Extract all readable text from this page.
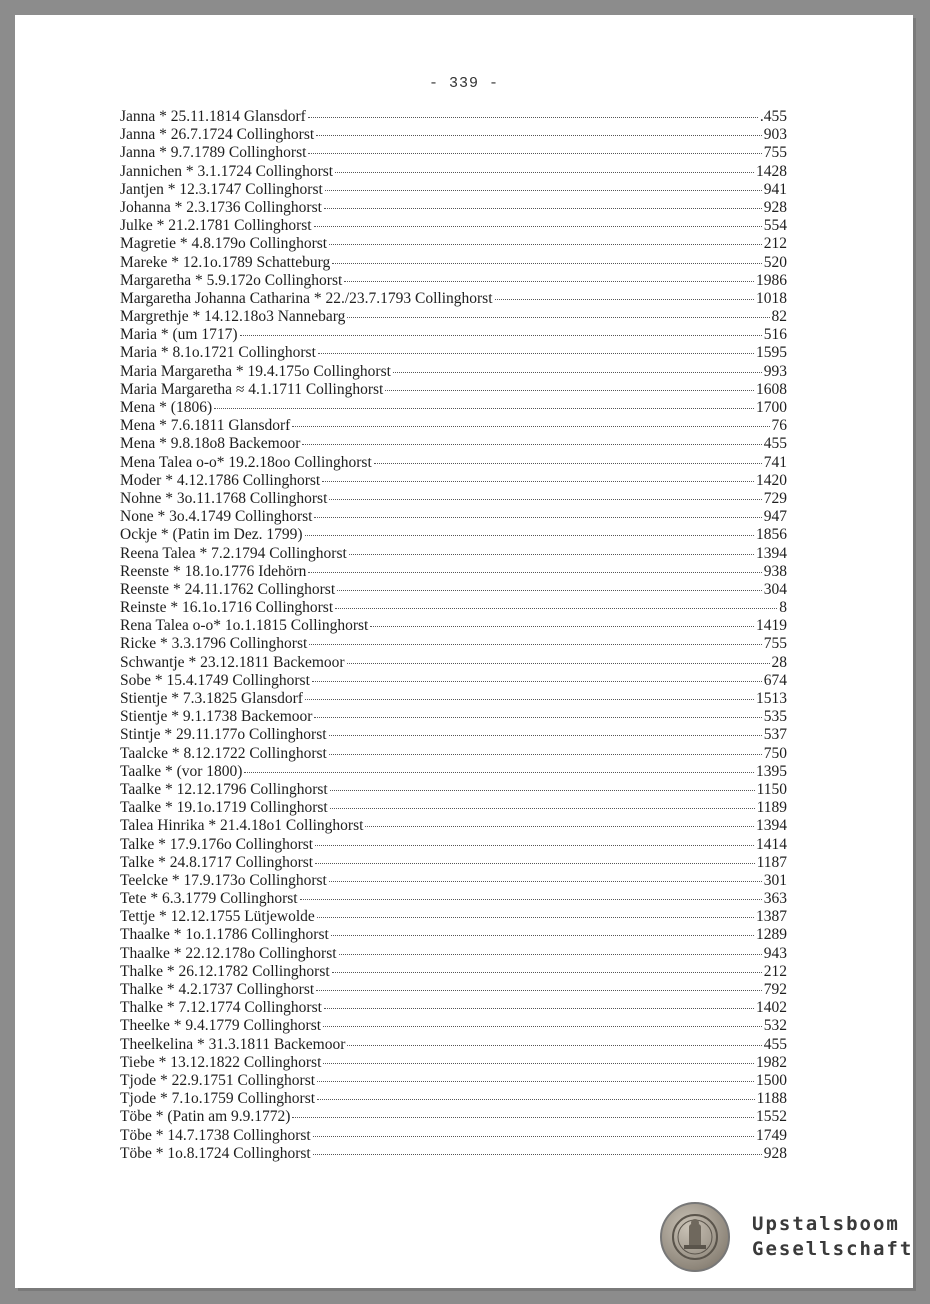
- 339 -
Janna * 25.11.1814 Glansdorf	.455
Janna * 26.7.1724 Collinghorst	903
Janna * 9.7.1789 Collinghorst	755
Jannichen * 3.1.1724 Collinghorst	1428
Jantjen * 12.3.1747 Collinghorst	941
Johanna * 2.3.1736 Collinghorst	928
Julke * 21.2.1781 Collinghorst	554
Magretie * 4.8.179o Collinghorst	212
Mareke * 12.1o.1789 Schatteburg	520
Margaretha * 5.9.172o Collinghorst	1986
Margaretha Johanna Catharina * 22./23.7.1793 Collinghorst	1018
Margrethje * 14.12.18o3 Nannebarg	82
Maria * (um 1717)	516
Maria * 8.1o.1721 Collinghorst	1595
Maria Margaretha * 19.4.175o Collinghorst	993
Maria Margaretha ≈ 4.1.1711 Collinghorst	1608
Mena * (1806)	1700
Mena * 7.6.1811 Glansdorf	76
Mena * 9.8.18o8 Backemoor	455
Mena Talea o-o* 19.2.18oo Collinghorst	741
Moder * 4.12.1786 Collinghorst	1420
Nohne * 3o.11.1768 Collinghorst	729
None * 3o.4.1749 Collinghorst	947
Ockje * (Patin im Dez. 1799)	1856
Reena Talea * 7.2.1794 Collinghorst	1394
Reenste * 18.1o.1776 Idehörn	938
Reenste * 24.11.1762 Collinghorst	304
Reinste * 16.1o.1716 Collinghorst	8
Rena Talea o-o* 1o.1.1815 Collinghorst	1419
Ricke * 3.3.1796 Collinghorst	755
Schwantje * 23.12.1811 Backemoor	28
Sobe * 15.4.1749 Collinghorst	674
Stientje * 7.3.1825 Glansdorf	1513
Stientje * 9.1.1738 Backemoor	535
Stintje * 29.11.177o Collinghorst	537
Taalcke * 8.12.1722 Collinghorst	750
Taalke * (vor 1800)	1395
Taalke * 12.12.1796 Collinghorst	1150
Taalke * 19.1o.1719 Collinghorst	1189
Talea Hinrika * 21.4.18o1 Collinghorst	1394
Talke * 17.9.176o Collinghorst	1414
Talke * 24.8.1717 Collinghorst	1187
Teelcke * 17.9.173o Collinghorst	301
Tete * 6.3.1779 Collinghorst	363
Tettje * 12.12.1755 Lütjewolde	1387
Thaalke * 1o.1.1786 Collinghorst	1289
Thaalke * 22.12.178o Collinghorst	943
Thalke * 26.12.1782 Collinghorst	212
Thalke * 4.2.1737 Collinghorst	792
Thalke * 7.12.1774 Collinghorst	1402
Theelke * 9.4.1779 Collinghorst	532
Theelkelina * 31.3.1811 Backemoor	455
Tiebe * 13.12.1822 Collinghorst	1982
Tjode * 22.9.1751 Collinghorst	1500
Tjode * 7.1o.1759 Collinghorst	1188
Töbe * (Patin am 9.9.1772)	1552
Töbe * 14.7.1738 Collinghorst	1749
Töbe * 1o.8.1724 Collinghorst	928
Upstalsboom
Gesellschaft
